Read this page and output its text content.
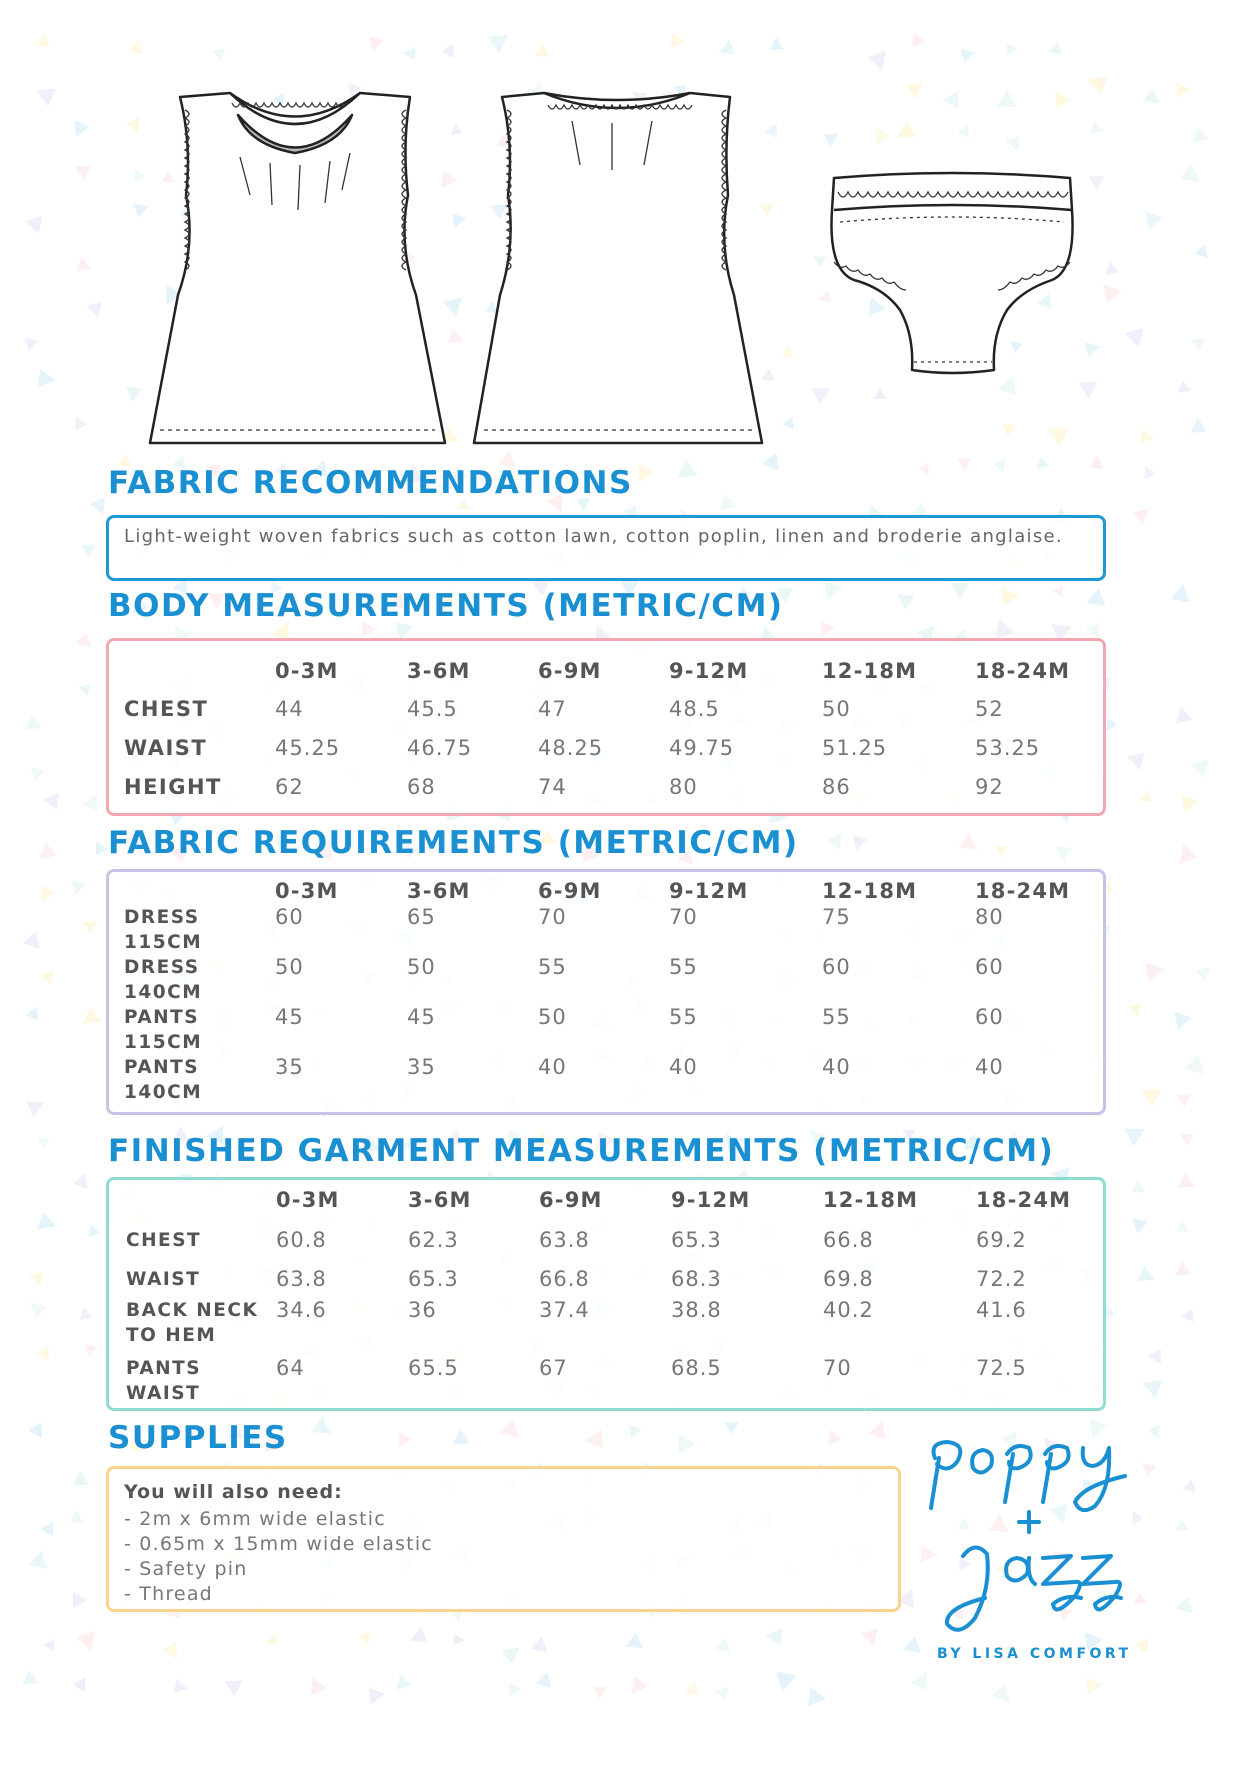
FABRIC RECOMMENDATIONS
Light-weight woven fabrics such as cotton lawn, cotton poplin, linen and broderie anglaise.
BODY MEASUREMENTS (METRIC/CM)
0-3M	3-6M	6-9M	9-12M	12-18M	18-24M
CHEST	44	45.5	47	48.5	50	52
WAIST	45.25	46.75	48.25	49.75	51.25	53.25
HEIGHT	62	68	74	80	86	92
FABRIC REQUIREMENTS (METRIC/CM)
0-3M	3-6M	6-9M	9-12M	12-18M	18-24M
DRESS
115CM
60	65	70	70	75	80
DRESS
140CM
50	50	55	55	60	60
PANTS
115CM
45	45	50	55	55	60
PANTS
140CM
35	35	40	40	40	40
FINISHED GARMENT MEASUREMENTS (METRIC/CM)
0-3M	3-6M	6-9M	9-12M	12-18M	18-24M
CHEST	60.8	62.3	63.8	65.3	66.8	69.2
WAIST	63.8	65.3	66.8	68.3	69.8	72.2
BACK NECK
TO HEM
34.6	36	37.4	38.8	40.2	41.6
PANTS
WAIST
64	65.5	67	68.5	70	72.5
SUPPLIES
You will also need:
- 2m x 6mm wide elastic
- 0.65m x 15mm wide elastic
- Safety pin
- Thread
BY LISA COMFORT
